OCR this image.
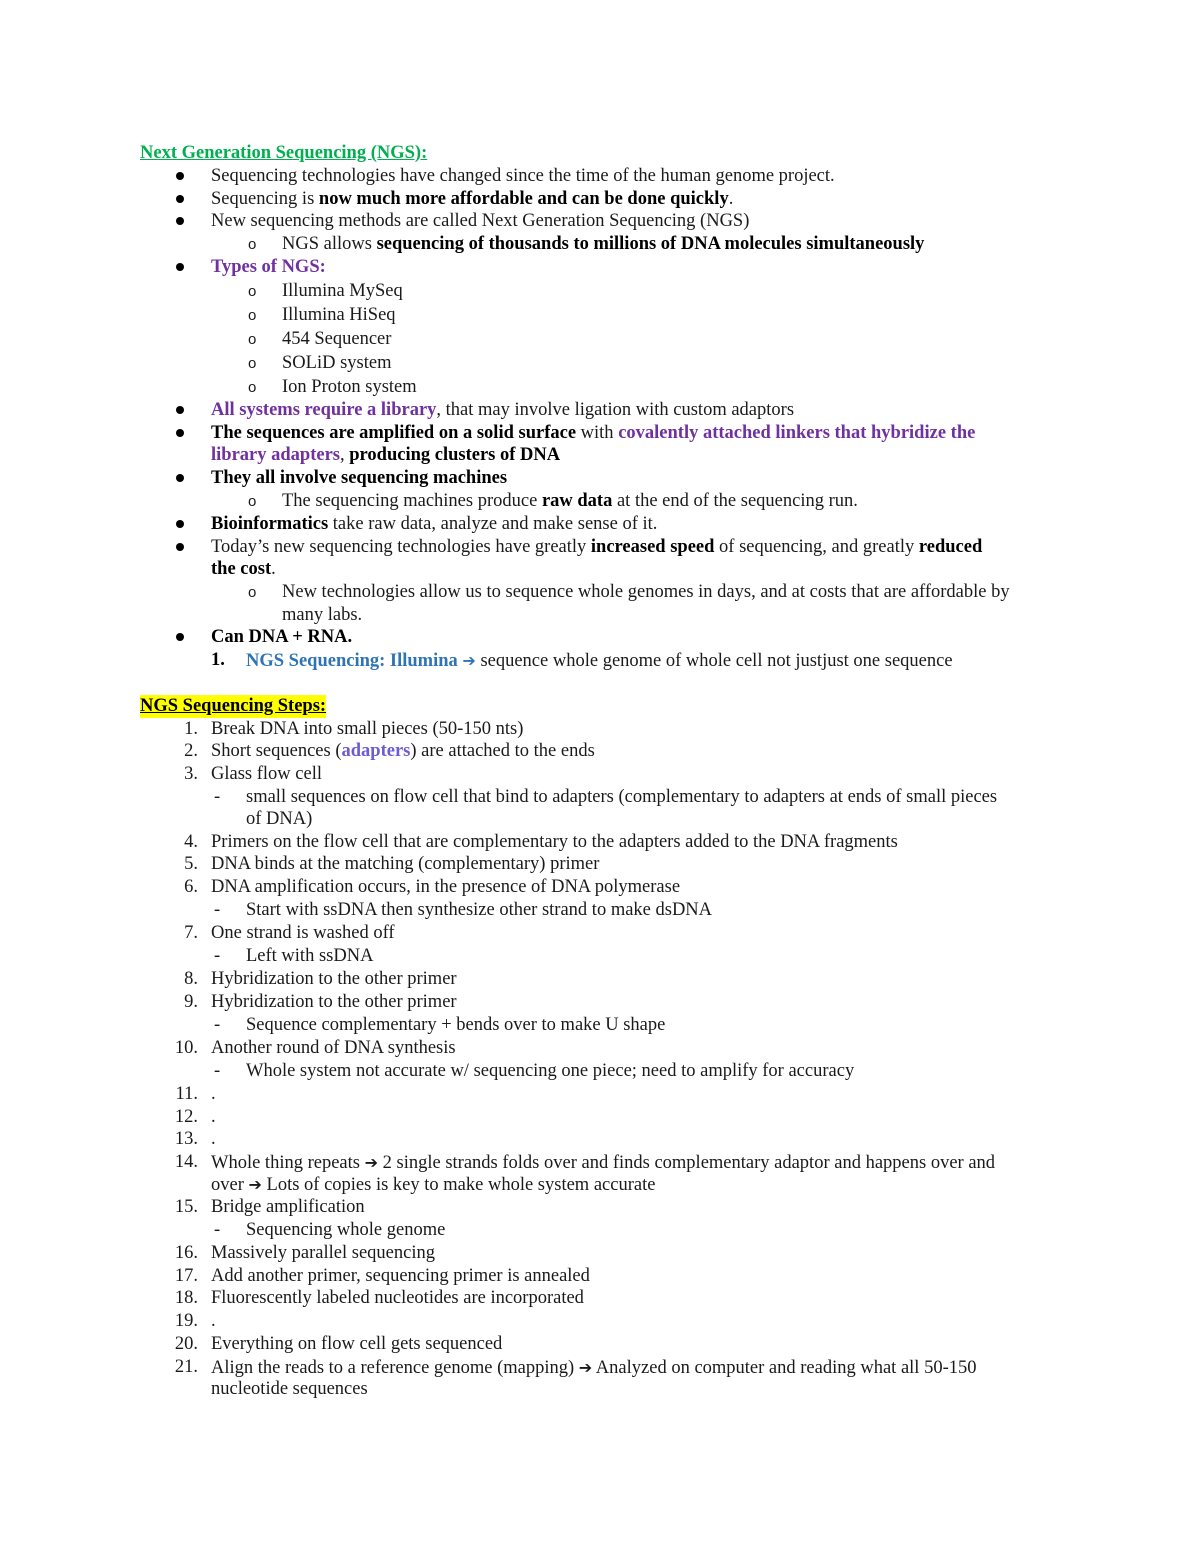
Next Generation Sequencing (NGS):
Sequencing technologies have changed since the time of the human genome project.
Sequencing is now much more affordable and can be done quickly.
New sequencing methods are called Next Generation Sequencing (NGS)
o NGS allows sequencing of thousands to millions of DNA molecules simultaneously
Types of NGS:
o Illumina MySeq
o Illumina HiSeq
o 454 Sequencer
o SOLiD system
o Ion Proton system
All systems require a library, that may involve ligation with custom adaptors
The sequences are amplified on a solid surface with covalently attached linkers that hybridize the
library adapters, producing clusters of DNA
They all involve sequencing machines
o The sequencing machines produce raw data at the end of the sequencing run.
Bioinformatics take raw data, analyze and make sense of it.
Today’s new sequencing technologies have greatly increased speed of sequencing, and greatly reduced
the cost.
o New technologies allow us to sequence whole genomes in days, and at costs that are affordable by
many labs.
Can DNA + RNA.
1. NGS Sequencing: Illumina ➔ sequence whole genome of whole cell not justjust one sequence
NGS Sequencing Steps:
1. Break DNA into small pieces (50-150 nts)
2. Short sequences (adapters) are attached to the ends
3. Glass flow cell
- small sequences on flow cell that bind to adapters (complementary to adapters at ends of small pieces
of DNA)
4. Primers on the flow cell that are complementary to the adapters added to the DNA fragments
5. DNA binds at the matching (complementary) primer
6. DNA amplification occurs, in the presence of DNA polymerase
- Start with ssDNA then synthesize other strand to make dsDNA
7. One strand is washed off
- Left with ssDNA
8. Hybridization to the other primer
9. Hybridization to the other primer
- Sequence complementary + bends over to make U shape
10. Another round of DNA synthesis
- Whole system not accurate w/ sequencing one piece; need to amplify for accuracy
11. .
12. .
13. .
14. Whole thing repeats ➔ 2 single strands folds over and finds complementary adaptor and happens over and
over ➔ Lots of copies is key to make whole system accurate
15. Bridge amplification
- Sequencing whole genome
16. Massively parallel sequencing
17. Add another primer, sequencing primer is annealed
18. Fluorescently labeled nucleotides are incorporated
19. .
20. Everything on flow cell gets sequenced
21. Align the reads to a reference genome (mapping) ➔ Analyzed on computer and reading what all 50-150
nucleotide sequences
